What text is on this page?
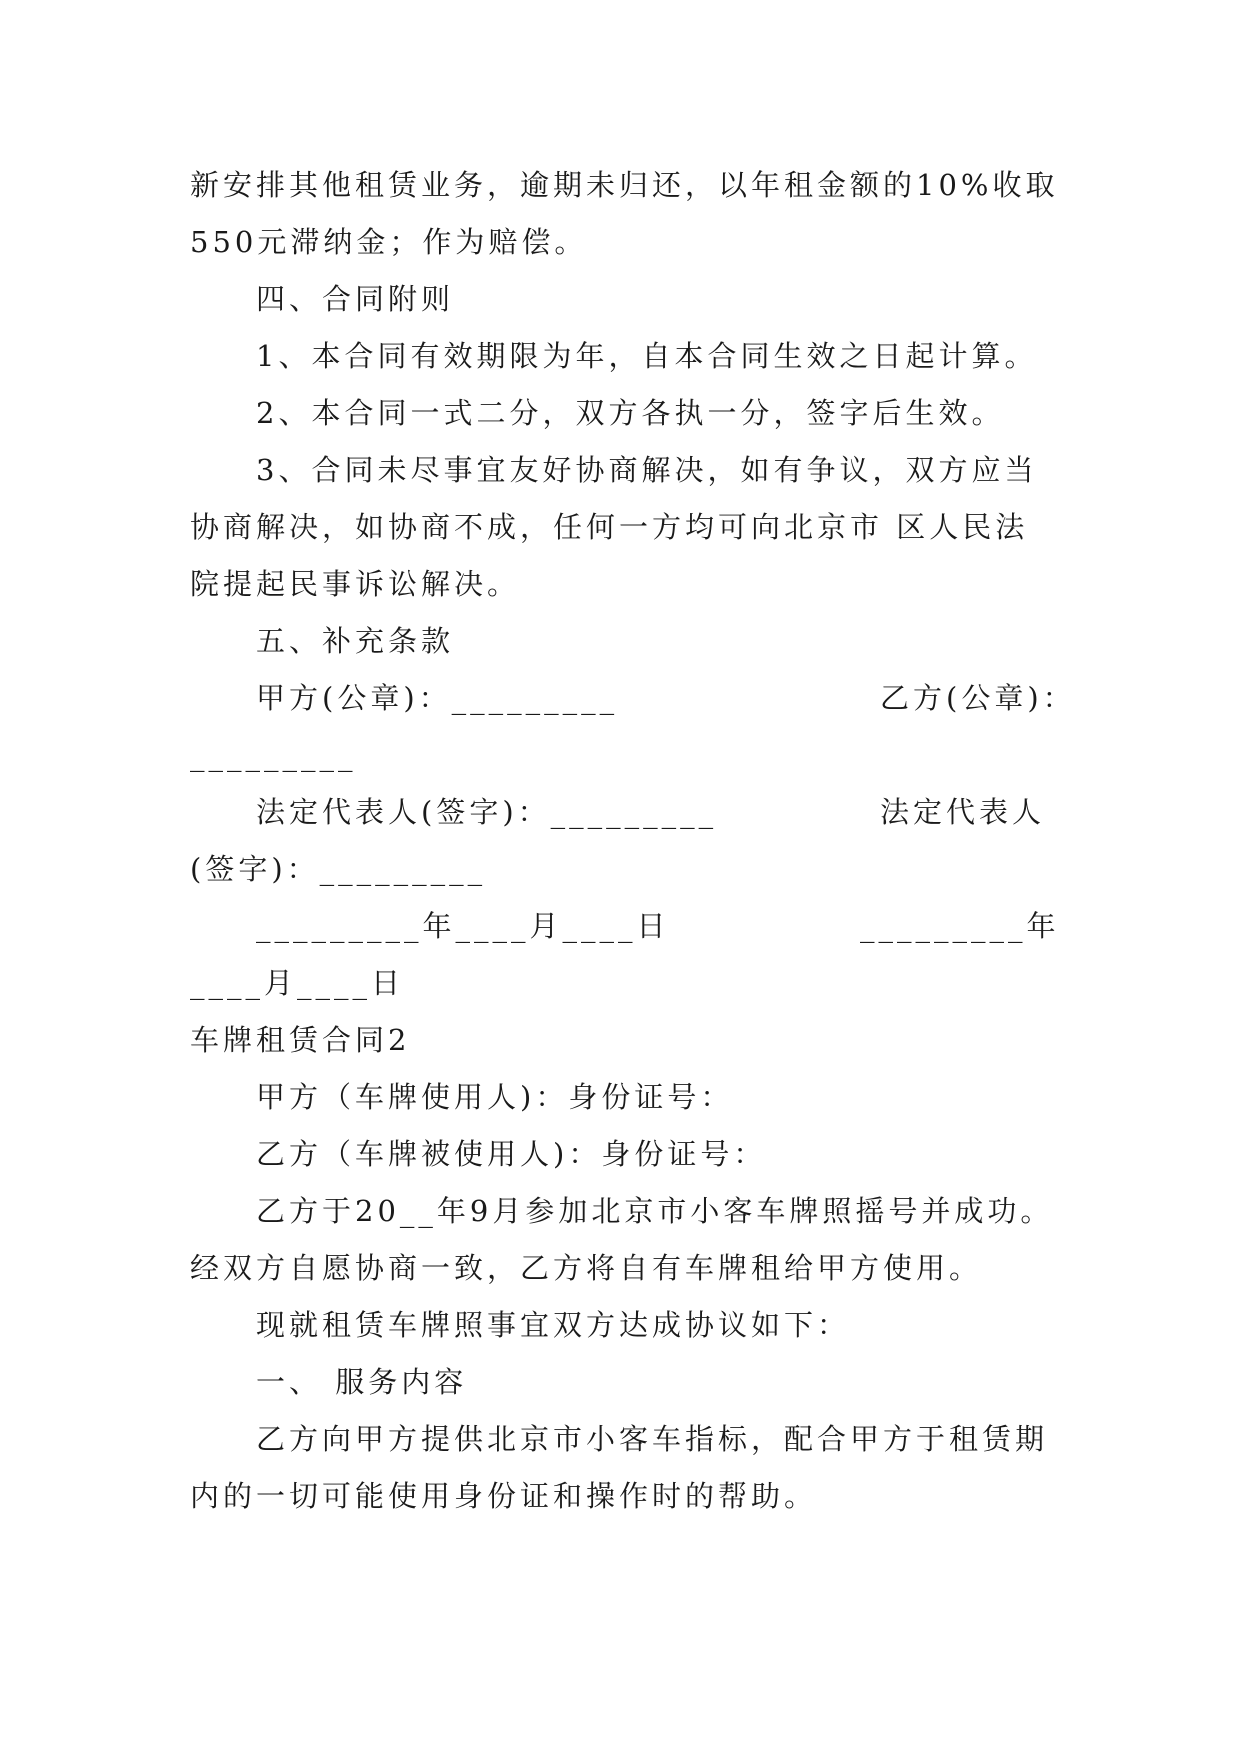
新安排其他租赁业务，逾期未归还，以年租金额的10%收取
550元滞纳金；作为赔偿。
四、合同附则
1、本合同有效期限为年，自本合同生效之日起计算。
2、本合同一式二分，双方各执一分，签字后生效。
3、合同未尽事宜友好协商解决，如有争议，双方应当
协商解决，如协商不成，任何一方均可向北京市 区人民法
院提起民事诉讼解决。
五、补充条款
甲方(公章)：_________	乙方(公章)：
_________
法定代表人(签字)：_________	法定代表人
(签字)：_________
_________年____月____日	_________年
____月____日
车牌租赁合同2
甲方（车牌使用人)：身份证号：
乙方（车牌被使用人)：身份证号：
乙方于20__年9月参加北京市小客车牌照摇号并成功。
经双方自愿协商一致，乙方将自有车牌租给甲方使用。
现就租赁车牌照事宜双方达成协议如下：
一、 服务内容
乙方向甲方提供北京市小客车指标，配合甲方于租赁期
内的一切可能使用身份证和操作时的帮助。
